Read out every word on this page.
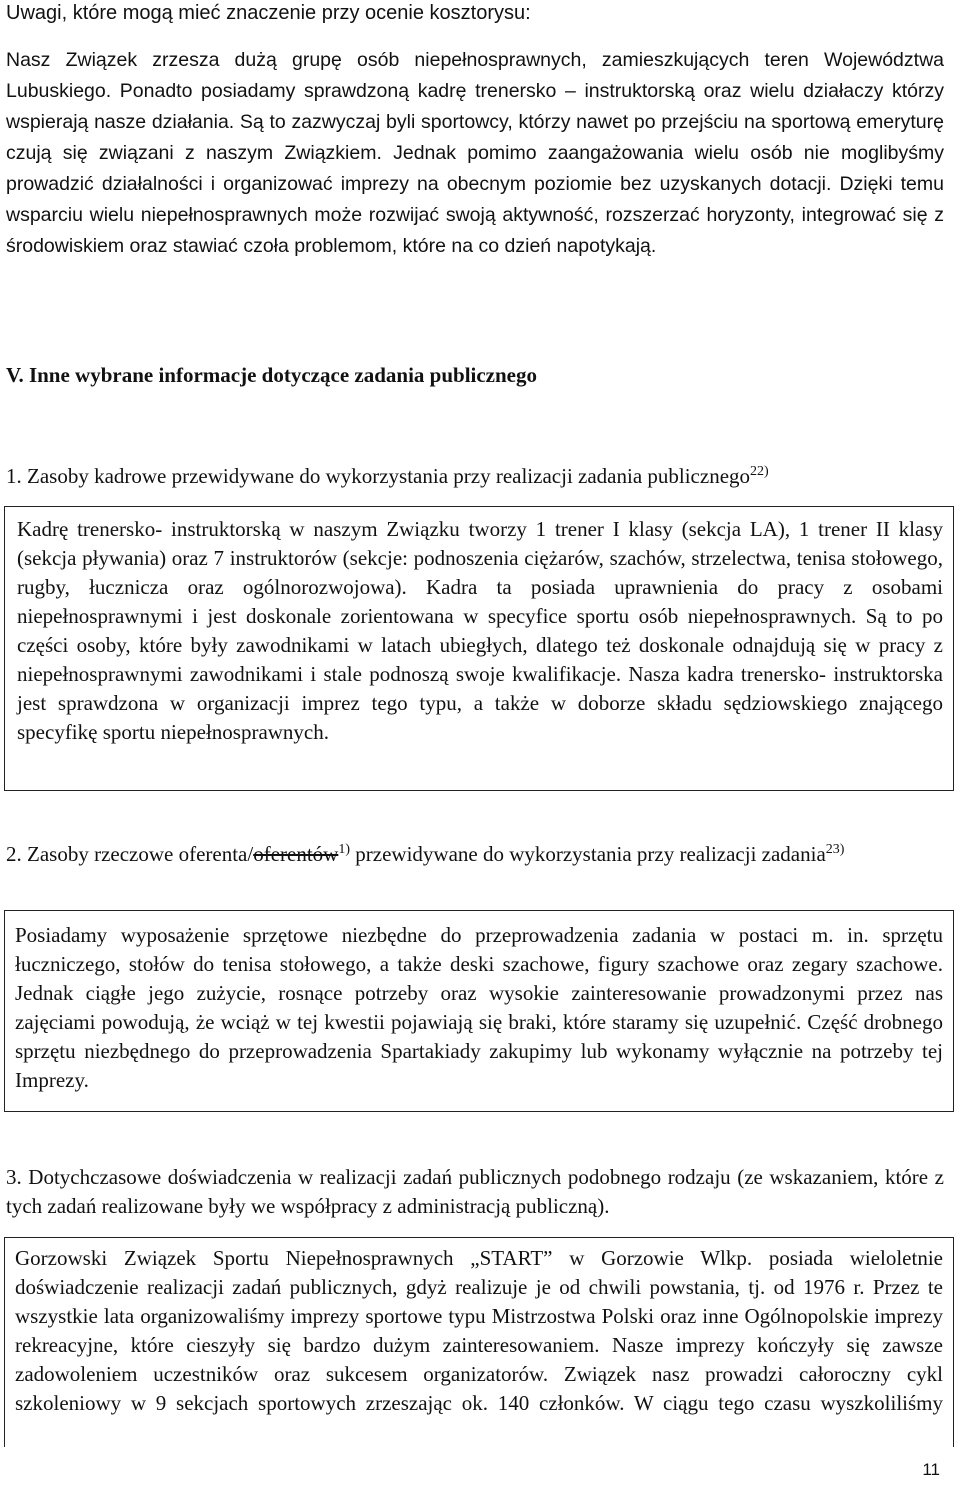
Uwagi, które mogą mieć znaczenie przy ocenie kosztorysu:

Nasz Związek zrzesza dużą grupę osób niepełnosprawnych, zamieszkujących teren Województwa Lubuskiego. Ponadto posiadamy sprawdzoną kadrę trenersko – instruktorską oraz wielu działaczy którzy wspierają nasze działania. Są to zazwyczaj byli sportowcy, którzy nawet po przejściu na sportową emeryturę czują się związani z naszym Związkiem. Jednak pomimo zaangażowania wielu osób nie moglibyśmy prowadzić działalności i organizować imprezy na obecnym poziomie bez uzyskanych dotacji. Dzięki temu wsparciu wielu niepełnosprawnych może rozwijać swoją aktywność, rozszerzać horyzonty, integrować się z środowiskiem oraz stawiać czoła problemom, które na co dzień napotykają.

V. Inne wybrane informacje dotyczące zadania publicznego

1. Zasoby kadrowe przewidywane do wykorzystania przy realizacji zadania publicznego$^{22)}$

Kadrę trenersko- instruktorską w naszym Związku tworzy 1 trener I klasy (sekcja LA), 1 trener II klasy (sekcja pływania) oraz 7 instruktorów (sekcje: podnoszenia ciężarów, szachów, strzelectwa, tenisa stołowego, rugby, łucznicza oraz ogólnorozwojowa). Kadra ta posiada uprawnienia do pracy z osobami niepełnosprawnymi i jest doskonale zorientowana w specyfice sportu osób niepełnosprawnych. Są to po części osoby, które były zawodnikami w latach ubiegłych, dlatego też doskonale odnajdują się w pracy z niepełnosprawnymi zawodnikami i stale podnoszą swoje kwalifikacje. Nasza kadra trenersko- instruktorska jest sprawdzona w organizacji imprez tego typu, a także w doborze składu sędziowskiego znającego specyfikę sportu niepełnosprawnych.

2. Zasoby rzeczowe oferenta/oferentów$^{1)}$ przewidywane do wykorzystania przy realizacji zadania$^{23)}$

Posiadamy wyposażenie sprzętowe niezbędne do przeprowadzenia zadania w postaci m. in. sprzętu łuczniczego, stołów do tenisa stołowego, a także deski szachowe, figury szachowe oraz zegary szachowe. Jednak ciągłe jego zużycie, rosnące potrzeby oraz wysokie zainteresowanie prowadzonymi przez nas zajęciami powodują, że wciąż w tej kwestii pojawiają się braki, które staramy się uzupełnić. Część drobnego sprzętu niezbędnego do przeprowadzenia Spartakiady zakupimy lub wykonamy wyłącznie na potrzeby tej Imprezy.

3. Dotychczasowe doświadczenia w realizacji zadań publicznych podobnego rodzaju (ze wskazaniem, które z tych zadań realizowane były we współpracy z administracją publiczną).

Gorzowski Związek Sportu Niepełnosprawnych „START” w Gorzowie Wlkp. posiada wieloletnie doświadczenie realizacji zadań publicznych, gdyż realizuje je od chwili powstania, tj. od 1976 r. Przez te wszystkie lata organizowaliśmy imprezy sportowe typu Mistrzostwa Polski oraz inne Ogólnopolskie imprezy rekreacyjne, które cieszyły się bardzo dużym zainteresowaniem. Nasze imprezy kończyły się zawsze zadowoleniem uczestników oraz sukcesem organizatorów. Związek nasz prowadzi całoroczny cykl szkoleniowy w 9 sekcjach sportowych zrzeszając ok. 140 członków. W ciągu tego czasu wyszkoliliśmy

11
